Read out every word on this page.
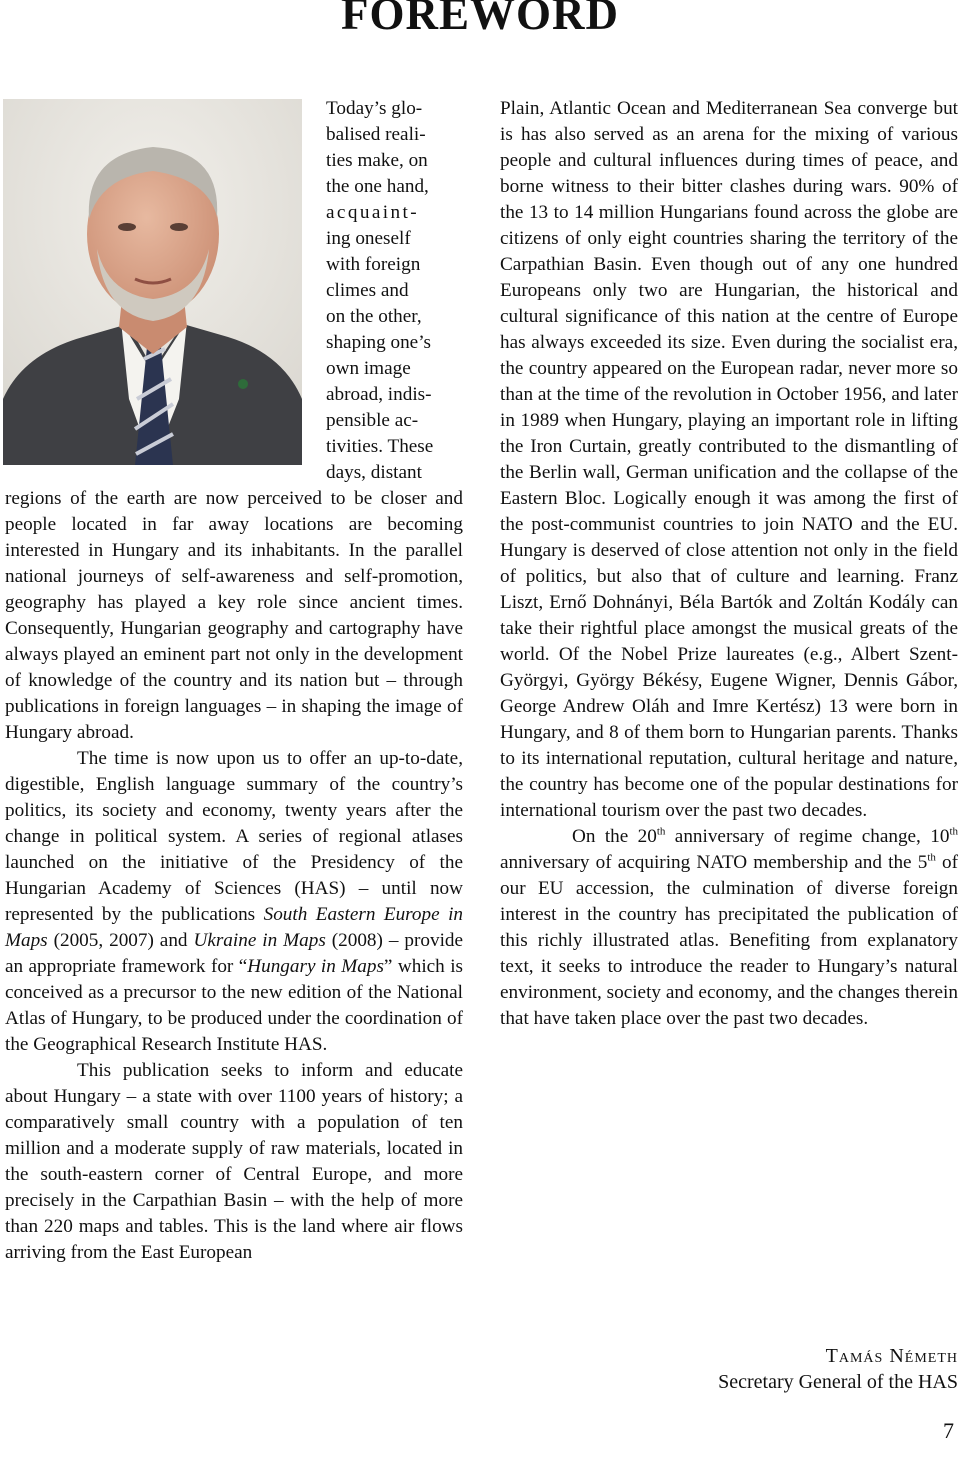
FOREWORD
Today’s glo-
balised reali-
ties make, on
the one hand,
acquaint-
ing oneself
with foreign
climes and
on the other,
shaping one’s
own image
abroad, indis-
pensible ac-
tivities. These
days, distant

regions of the earth are now perceived to be closer and people located in far away locations are becoming interested in Hungary and its inhabitants. In the parallel national journeys of self-awareness and self-promotion, geography has played a key role since ancient times. Consequently, Hungarian geography and cartography have always played an eminent part not only in the development of knowledge of the country and its nation but – through publications in foreign languages – in shaping the image of Hungary abroad.

The time is now upon us to offer an up-to-date, digestible, English language summary of the country’s politics, its society and economy, twenty years after the change in political system. A series of regional atlases launched on the initiative of the Presidency of the Hungarian Academy of Sciences (HAS) – until now represented by the publications South Eastern Europe in Maps (2005, 2007) and Ukraine in Maps (2008) – provide an appropriate framework for “Hungary in Maps” which is conceived as a precursor to the new edition of the National Atlas of Hungary, to be produced under the coordination of the Geographical Research Institute HAS.

This publication seeks to inform and educate about Hungary – a state with over 1100 years of history; a comparatively small country with a population of ten million and a moderate supply of raw materials, located in the south-eastern corner of Central Europe, and more precisely in the Carpathian Basin – with the help of more than 220 maps and tables. This is the land where air flows arriving from the East European

Plain, Atlantic Ocean and Mediterranean Sea converge but is has also served as an arena for the mixing of various people and cultural influences during times of peace, and borne witness to their bitter clashes during wars. 90% of the 13 to 14 million Hungarians found across the globe are citizens of only eight countries sharing the territory of the Carpathian Basin. Even though out of any one hundred Europeans only two are Hungarian, the historical and cultural significance of this nation at the centre of Europe has always exceeded its size. Even during the socialist era, the country appeared on the European radar, never more so than at the time of the revolution in October 1956, and later in 1989 when Hungary, playing an important role in lifting the Iron Curtain, greatly contributed to the dismantling of the Berlin wall, German unification and the collapse of the Eastern Bloc. Logically enough it was among the first of the post-communist countries to join NATO and the EU. Hungary is deserved of close attention not only in the field of politics, but also that of culture and learning. Franz Liszt, Ernő Dohnányi, Béla Bartók and Zoltán Kodály can take their rightful place amongst the musical greats of the world. Of the Nobel Prize laureates (e.g., Albert Szent-Györgyi, György Békésy, Eugene Wigner, Dennis Gábor, George Andrew Oláh and Imre Kertész) 13 were born in Hungary, and 8 of them born to Hungarian parents. Thanks to its international reputation, cultural heritage and nature, the country has become one of the popular destinations for international tourism over the past two decades.

On the 20th anniversary of regime change, 10th anniversary of acquiring NATO membership and the 5th of our EU accession, the culmination of diverse foreign interest in the country has precipitated the publication of this richly illustrated atlas. Benefiting from explanatory text, it seeks to introduce the reader to Hungary’s natural environment, society and economy, and the changes therein that have taken place over the past two decades.

Tamás Németh
Secretary General of the HAS
7
